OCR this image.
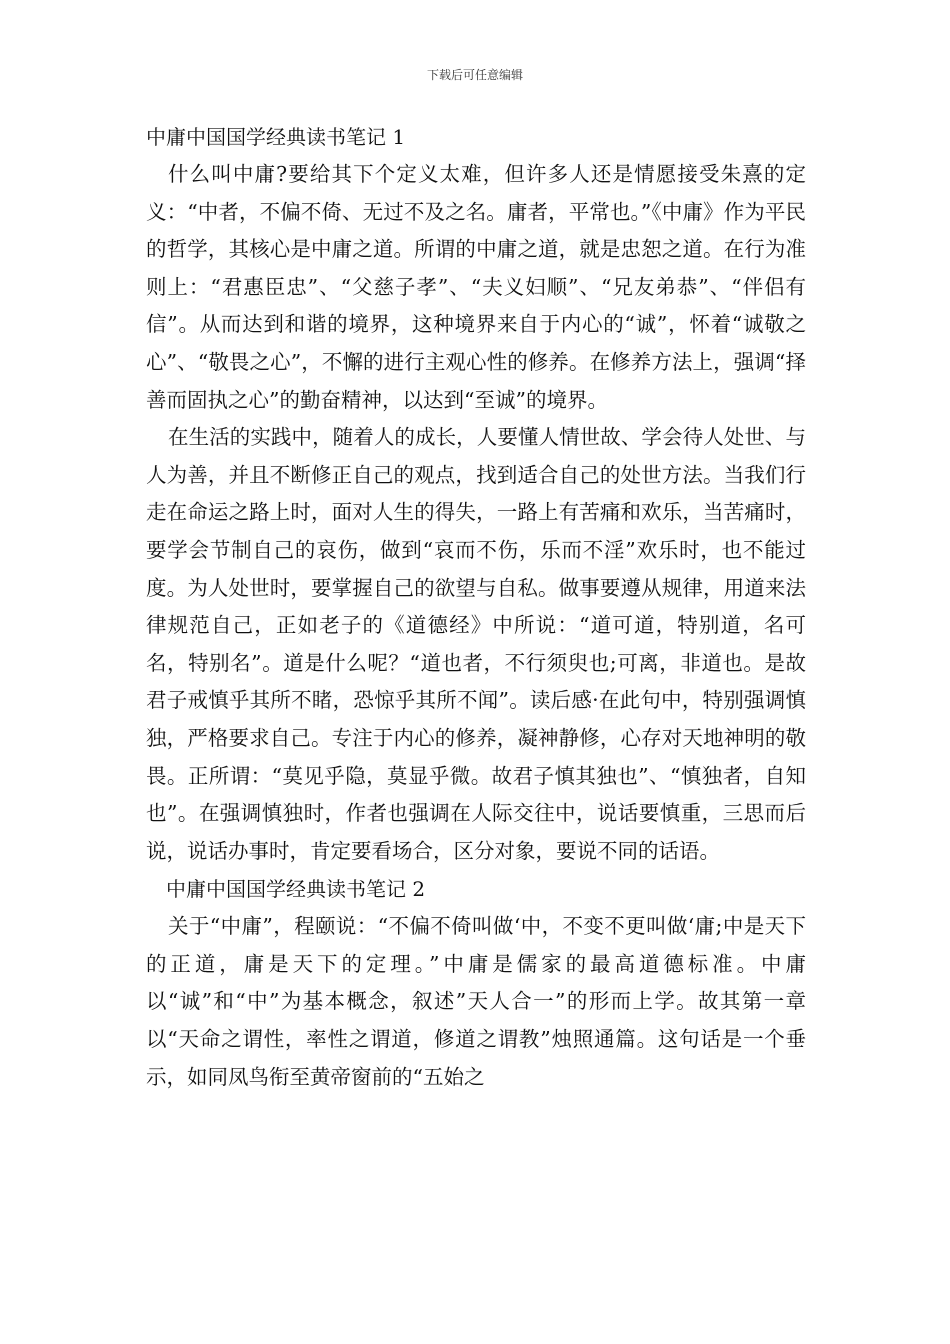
下载后可任意编辑
中庸中国国学经典读书笔记 1

什么叫中庸?要给其下个定义太难，但许多人还是情愿接受朱熹的定义：“中者，不偏不倚、无过不及之名。庸者，平常也。”《中庸》作为平民的哲学，其核心是中庸之道。所谓的中庸之道，就是忠恕之道。在行为准则上：“君惠臣忠”、“父慈子孝”、“夫义妇顺”、“兄友弟恭”、“伴侣有信”。从而达到和谐的境界，这种境界来自于内心的“诚”，怀着“诚敬之心”、“敬畏之心”，不懈的进行主观心性的修养。在修养方法上，强调“择善而固执之心”的勤奋精神，以达到“至诚”的境界。

在生活的实践中，随着人的成长，人要懂人情世故、学会待人处世、与人为善，并且不断修正自己的观点，找到适合自己的处世方法。当我们行走在命运之路上时，面对人生的得失，一路上有苦痛和欢乐，当苦痛时，要学会节制自己的哀伤，做到“哀而不伤，乐而不淫”欢乐时，也不能过度。为人处世时，要掌握自己的欲望与自私。做事要遵从规律，用道来法律规范自己，正如老子的《道德经》中所说：“道可道，特别道，名可名，特别名”。道是什么呢？“道也者，不行须臾也;可离，非道也。是故君子戒慎乎其所不睹，恐惊乎其所不闻”。读后感·在此句中，特别强调慎独，严格要求自己。专注于内心的修养，凝神静修，心存对天地神明的敬畏。正所谓：“莫见乎隐，莫显乎微。故君子慎其独也”、“慎独者，自知也”。在强调慎独时，作者也强调在人际交往中，说话要慎重，三思而后说，说话办事时，肯定要看场合，区分对象，要说不同的话语。

中庸中国国学经典读书笔记 2

关于“中庸”，程颐说：“不偏不倚叫做‘中，不变不更叫做‘庸;中是天下的正道，庸是天下的定理。”中庸是儒家的最高道德标准。中庸以“诚”和“中”为基本概念，叙述”天人合一”的形而上学。故其第一章以“天命之谓性，率性之谓道，修道之谓教”烛照通篇。这句话是一个垂示，如同凤鸟衔至黄帝窗前的“五始之
